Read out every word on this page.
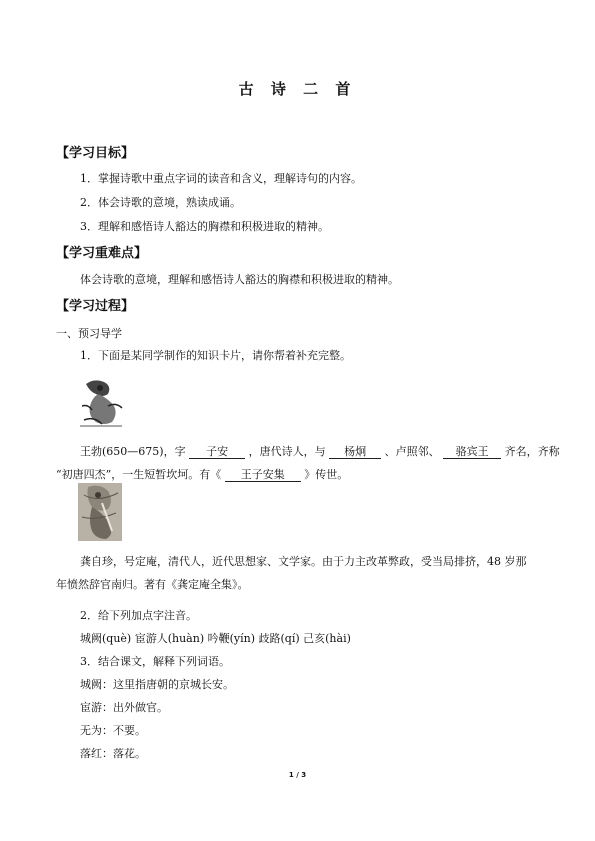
古 诗 二 首
【学习目标】
1．掌握诗歌中重点字词的读音和含义，理解诗句的内容。
2．体会诗歌的意境，熟读成诵。
3．理解和感悟诗人豁达的胸襟和积极进取的精神。
【学习重难点】
体会诗歌的意境，理解和感悟诗人豁达的胸襟和积极进取的精神。
【学习过程】
一、预习导学
1．下面是某同学制作的知识卡片，请你帮着补充完整。
王勃(650—675)，字 子安 ，唐代诗人，与 杨炯 、卢照邻、 骆宾王 齐名，齐称
“初唐四杰”，一生短暂坎坷。有《 王子安集 》传世。
龚自珍，号定庵，清代人，近代思想家、文学家。由于力主改革弊政，受当局排挤，48 岁那
年愤然辞官南归。著有《龚定庵全集》。
2．给下列加点字注音。
城阙(què) 宦游人(huàn) 吟鞭(yín) 歧路(qí) 己亥(hài)
3．结合课文，解释下列词语。
城阙：这里指唐朝的京城长安。
宦游：出外做官。
无为：不要。
落红：落花。
1 / 3
